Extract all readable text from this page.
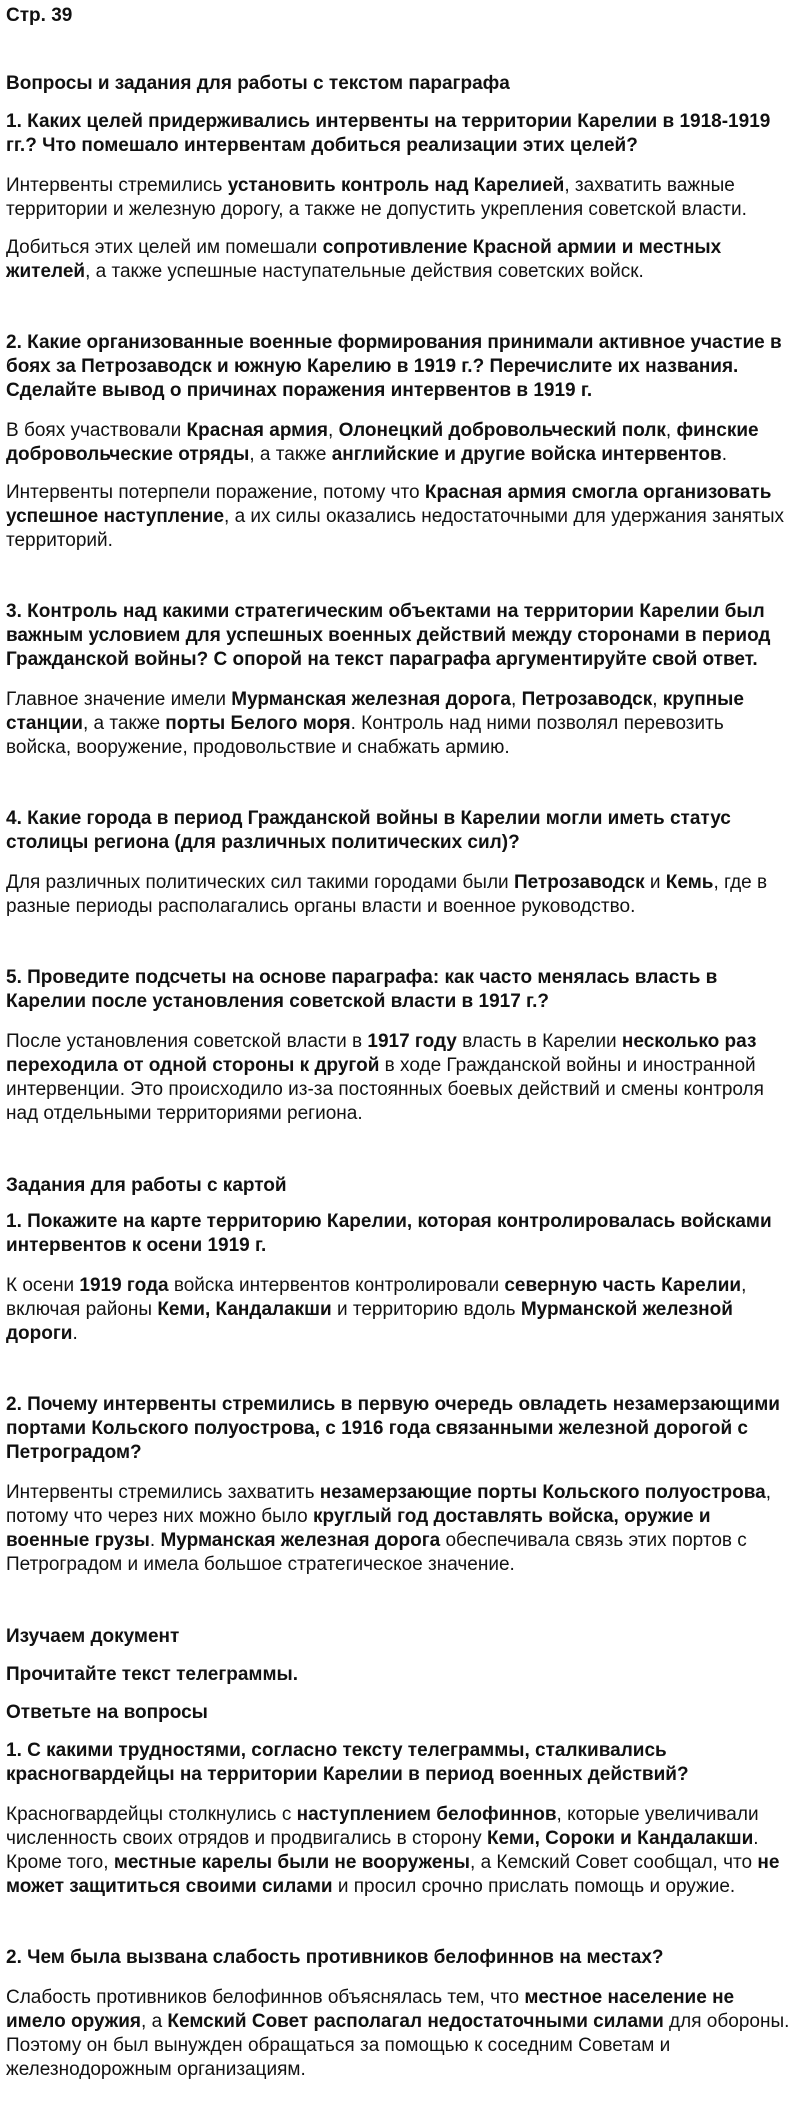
Стр. 39

Вопросы и задания для работы с текстом параграфа

1. Каких целей придерживались интервенты на территории Карелии в 1918-1919 гг.? Что помешало интервентам добиться реализации этих целей?

Интервенты стремились установить контроль над Карелией, захватить важные территории и железную дорогу, а также не допустить укрепления советской власти.

Добиться этих целей им помешали сопротивление Красной армии и местных жителей, а также успешные наступательные действия советских войск.

2. Какие организованные военные формирования принимали активное участие в боях за Петрозаводск и южную Карелию в 1919 г.? Перечислите их названия. Сделайте вывод о причинах поражения интервентов в 1919 г.

В боях участвовали Красная армия, Олонецкий добровольческий полк, финские добровольческие отряды, а также английские и другие войска интервентов.

Интервенты потерпели поражение, потому что Красная армия смогла организовать успешное наступление, а их силы оказались недостаточными для удержания занятых территорий.

3. Контроль над какими стратегическим объектами на территории Карелии был важным условием для успешных военных действий между сторонами в период Гражданской войны? С опорой на текст параграфа аргументируйте свой ответ.

Главное значение имели Мурманская железная дорога, Петрозаводск, крупные станции, а также порты Белого моря. Контроль над ними позволял перевозить войска, вооружение, продовольствие и снабжать армию.

4. Какие города в период Гражданской войны в Карелии могли иметь статус столицы региона (для различных политических сил)?

Для различных политических сил такими городами были Петрозаводск и Кемь, где в разные периоды располагались органы власти и военное руководство.

5. Проведите подсчеты на основе параграфа: как часто менялась власть в Карелии после установления советской власти в 1917 г.?

После установления советской власти в 1917 году власть в Карелии несколько раз переходила от одной стороны к другой в ходе Гражданской войны и иностранной интервенции. Это происходило из-за постоянных боевых действий и смены контроля над отдельными территориями региона.

Задания для работы с картой

1. Покажите на карте территорию Карелии, которая контролировалась войсками интервентов к осени 1919 г.

К осени 1919 года войска интервентов контролировали северную часть Карелии, включая районы Кеми, Кандалакши и территорию вдоль Мурманской железной дороги.

2. Почему интервенты стремились в первую очередь овладеть незамерзающими портами Кольского полуострова, с 1916 года связанными железной дорогой с Петроградом?

Интервенты стремились захватить незамерзающие порты Кольского полуострова, потому что через них можно было круглый год доставлять войска, оружие и военные грузы. Мурманская железная дорога обеспечивала связь этих портов с Петроградом и имела большое стратегическое значение.

Изучаем документ

Прочитайте текст телеграммы.

Ответьте на вопросы

1. С какими трудностями, согласно тексту телеграммы, сталкивались красногвардейцы на территории Карелии в период военных действий?

Красногвардейцы столкнулись с наступлением белофиннов, которые увеличивали численность своих отрядов и продвигались в сторону Кеми, Сороки и Кандалакши. Кроме того, местные карелы были не вооружены, а Кемский Совет сообщал, что не может защититься своими силами и просил срочно прислать помощь и оружие.

2. Чем была вызвана слабость противников белофиннов на местах?

Слабость противников белофиннов объяснялась тем, что местное население не имело оружия, а Кемский Совет располагал недостаточными силами для обороны. Поэтому он был вынужден обращаться за помощью к соседним Советам и железнодорожным организациям.
